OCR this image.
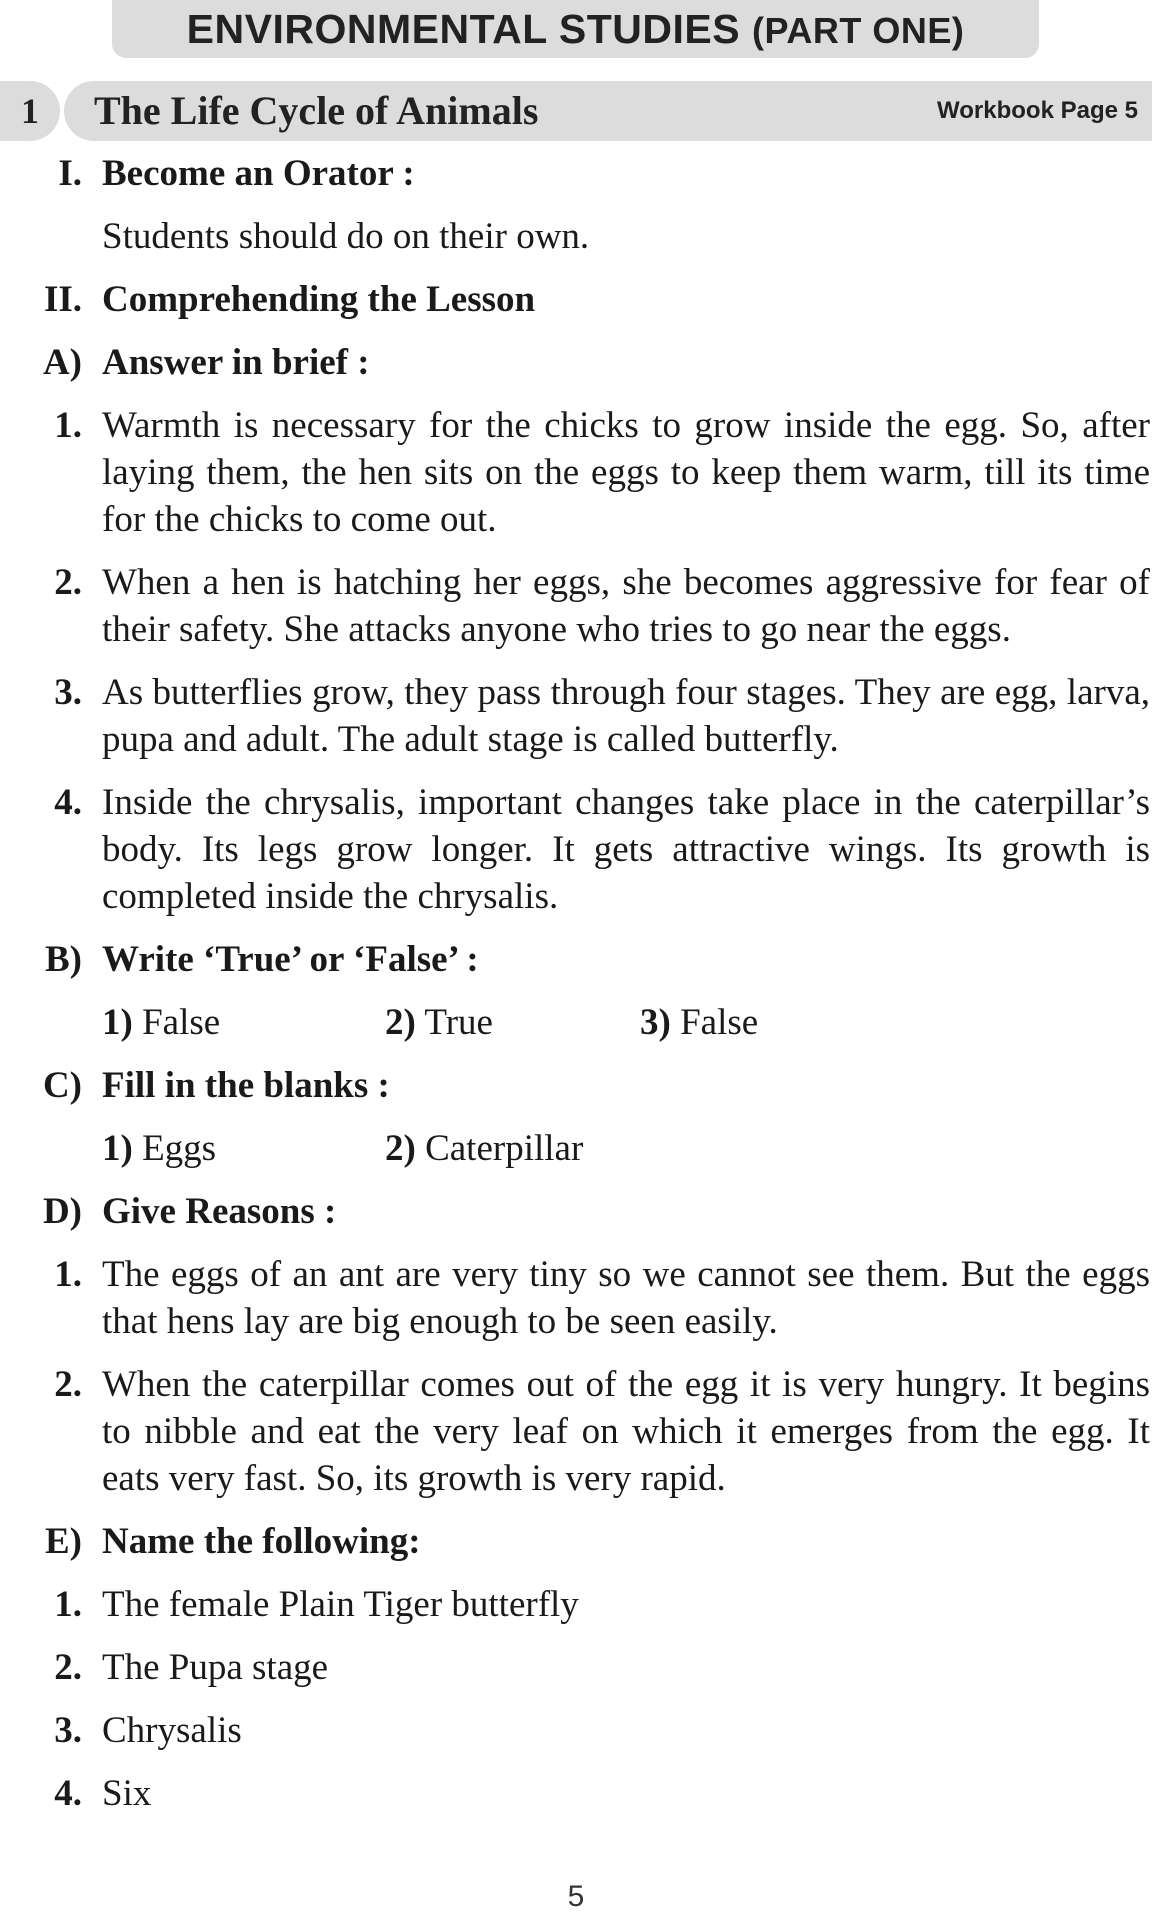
ENVIRONMENTAL STUDIES (PART ONE)
1	The Life Cycle of Animals	Workbook Page 5
I. Become an Orator :
Students should do on their own.
II. Comprehending the Lesson
A) Answer in brief :
1. Warmth is necessary for the chicks to grow inside the egg. So, after laying them, the hen sits on the eggs to keep them warm, till its time for the chicks to come out.
2. When a hen is hatching her eggs, she becomes aggressive for fear of their safety. She attacks anyone who tries to go near the eggs.
3. As butterflies grow, they pass through four stages. They are egg, larva, pupa and adult. The adult stage is called butterfly.
4. Inside the chrysalis, important changes take place in the caterpillar’s body. Its legs grow longer. It gets attractive wings. Its growth is completed inside the chrysalis.
B) Write ‘True’ or ‘False’ :
1) False	2) True	3) False
C) Fill in the blanks :
1) Eggs	2) Caterpillar
D) Give Reasons :
1. The eggs of an ant are very tiny so we cannot see them. But the eggs that hens lay are big enough to be seen easily.
2. When the caterpillar comes out of the egg it is very hungry. It begins to nibble and eat the very leaf on which it emerges from the egg. It eats very fast. So, its growth is very rapid.
E) Name the following:
1. The female Plain Tiger butterfly
2. The Pupa stage
3. Chrysalis
4. Six
5
